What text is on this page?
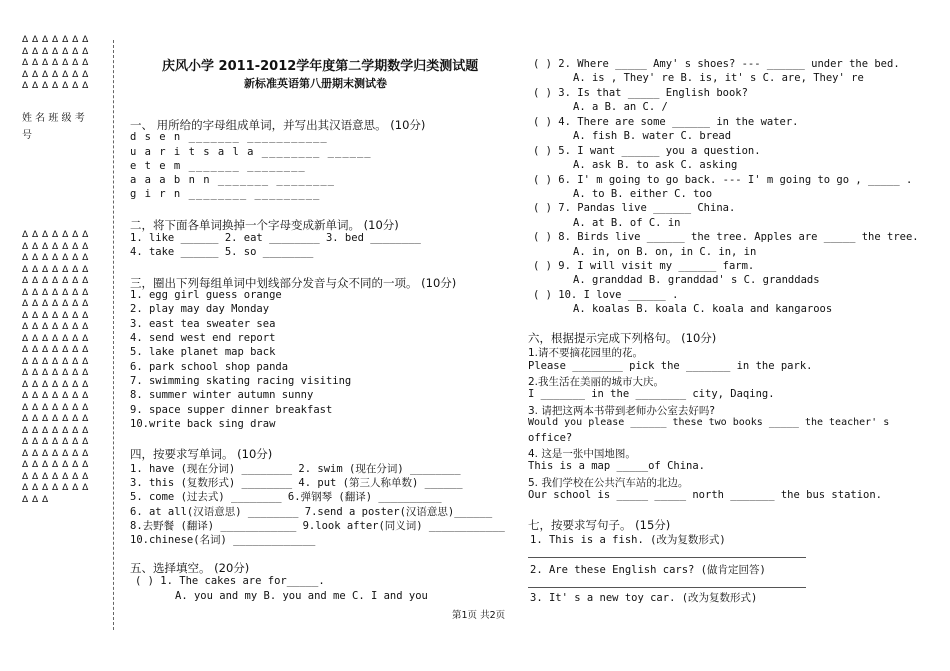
Δ Δ Δ Δ Δ Δ Δ Δ Δ Δ Δ Δ Δ Δ Δ Δ Δ Δ Δ Δ Δ Δ Δ Δ Δ Δ Δ Δ Δ Δ Δ Δ Δ Δ Δ
姓 名 班 级 考
号
Δ Δ Δ Δ Δ Δ Δ Δ Δ Δ Δ Δ Δ Δ Δ Δ Δ Δ Δ Δ Δ Δ Δ Δ Δ Δ Δ Δ Δ Δ Δ Δ Δ Δ Δ Δ Δ Δ Δ Δ Δ Δ Δ Δ Δ Δ Δ Δ Δ Δ Δ Δ Δ Δ Δ Δ Δ Δ Δ Δ Δ Δ Δ Δ Δ Δ Δ Δ Δ Δ Δ Δ Δ Δ Δ Δ Δ Δ Δ Δ Δ Δ Δ Δ Δ Δ Δ Δ Δ Δ Δ Δ Δ Δ Δ Δ Δ Δ Δ Δ Δ Δ Δ Δ Δ Δ Δ Δ Δ Δ Δ Δ Δ Δ Δ Δ Δ Δ Δ Δ Δ Δ Δ Δ Δ Δ Δ Δ Δ Δ Δ Δ Δ Δ Δ Δ Δ Δ Δ Δ Δ Δ Δ Δ Δ Δ Δ Δ Δ Δ Δ Δ Δ Δ Δ Δ Δ Δ Δ Δ Δ Δ Δ Δ
庆风小学 2011-2012学年度第二学期数学归类测试题
新标准英语第八册期末测试卷
一、 用所给的字母组成单词，并写出其汉语意思。 (10分)
d s e n _______ ___________
u a r i t s a l a ________ ______
e t e m _______ ________
a a a b n n _______ ________
g i r n ________ _________
二，将下面各单词换掉一个字母变成新单词。 (10分)
1. like ______ 2. eat ________ 3. bed ________
4. take ______ 5. so ________
三，圈出下列每组单词中划线部分发音与众不同的一项。 (10分)
1. egg girl guess orange
2. play may day Monday
3. east tea sweater sea
4. send west end report
5. lake planet map back
6. park school shop panda
7. swimming skating racing visiting
8. summer winter autumn sunny
9. space supper dinner breakfast
10.write back sing draw
四，按要求写单词。 (10分)
1. have (现在分词) ________ 2. swim (现在分词) ________
3. this (复数形式) ________ 4. put (第三人称单数) ______
5. come (过去式) ________ 6.弹钢琴 (翻译) __________
6. at all(汉语意思) ________ 7.send a poster(汉语意思)______
8.去野餐 (翻译) ____________ 9.look after(同义词) ____________
10.chinese(名词) _____________
五、选择填空。 (20分)
( ) 1. The cakes are for_____.
A. you and my B. you and me C. I and you
( ) 2. Where _____ Amy' s shoes? --- ______ under the bed.
A. is , They' re B. is, it' s C. are, They' re
( ) 3. Is that _____ English book?
A. a B. an C. /
( ) 4. There are some ______ in the water.
A. fish B. water C. bread
( ) 5. I want ______ you a question.
A. ask B. to ask C. asking
( ) 6. I' m going to go back. --- I' m going to go , _____ .
A. to B. either C. too
( ) 7. Pandas live ______ China.
A. at B. of C. in
( ) 8. Birds live ______ the tree. Apples are _____ the tree.
A. in, on B. on, in C. in, in
( ) 9. I will visit my ______ farm.
A. granddad B. granddad' s C. granddads
( ) 10. I love ______ .
A. koalas B. koala C. koala and kangaroos
六，根据提示完成下列格句。 (10分)
1.请不要摘花园里的花。
Please ________ pick the _______ in the park.
2.我生活在美丽的城市大庆。
I _______ in the ________ city, Daqing.
3. 请把这两本书带到老师办公室去好吗?
Would you please ______ these two books _____ the teacher' s
office?
4. 这是一张中国地图。
This is a map _____of China.
5. 我们学校在公共汽车站的北边。
Our school is _____ _____ north _______ the bus station.
七，按要求写句子。 (15分)
1. This is a fish. (改为复数形式)
2. Are these English cars? (做肯定回答)
3. It' s a new toy car. (改为复数形式)
第1页 共2页
